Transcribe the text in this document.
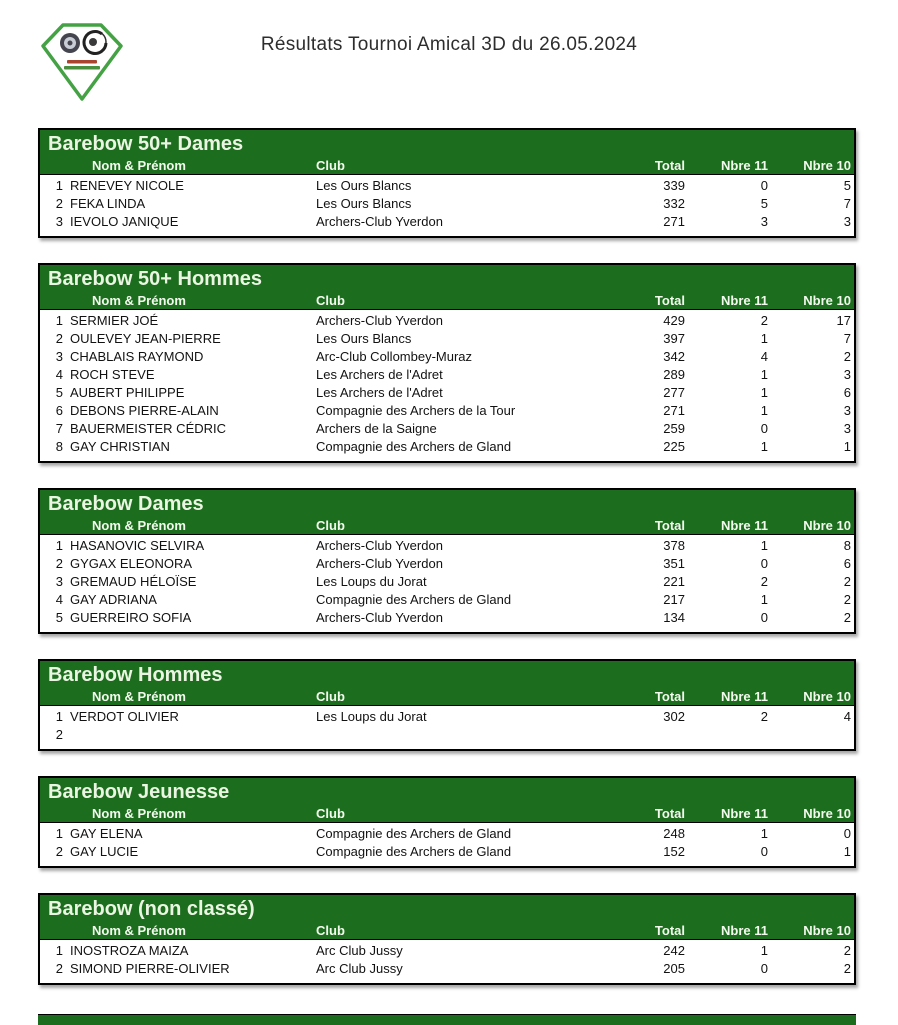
Résultats Tournoi Amical 3D du 26.05.2024
Barebow 50+ Dames
Nom & Prénom	Club	Total	Nbre 11	Nbre 10
1 RENEVEY NICOLE	Les Ours Blancs	339	0	5
2 FEKA LINDA	Les Ours Blancs	332	5	7
3 IEVOLO JANIQUE	Archers-Club Yverdon	271	3	3
Barebow 50+ Hommes
Nom & Prénom	Club	Total	Nbre 11	Nbre 10
1 SERMIER JOÉ	Archers-Club Yverdon	429	2	17
2 OULEVEY JEAN-PIERRE	Les Ours Blancs	397	1	7
3 CHABLAIS RAYMOND	Arc-Club Collombey-Muraz	342	4	2
4 ROCH STEVE	Les Archers de l'Adret	289	1	3
5 AUBERT PHILIPPE	Les Archers de l'Adret	277	1	6
6 DEBONS PIERRE-ALAIN	Compagnie des Archers de la Tour	271	1	3
7 BAUERMEISTER CÉDRIC	Archers de la Saigne	259	0	3
8 GAY CHRISTIAN	Compagnie des Archers de Gland	225	1	1
Barebow Dames
Nom & Prénom	Club	Total	Nbre 11	Nbre 10
1 HASANOVIC SELVIRA	Archers-Club Yverdon	378	1	8
2 GYGAX ELEONORA	Archers-Club Yverdon	351	0	6
3 GREMAUD HÉLOÏSE	Les Loups du Jorat	221	2	2
4 GAY ADRIANA	Compagnie des Archers de Gland	217	1	2
5 GUERREIRO SOFIA	Archers-Club Yverdon	134	0	2
Barebow Hommes
Nom & Prénom	Club	Total	Nbre 11	Nbre 10
1 VERDOT OLIVIER	Les Loups du Jorat	302	2	4
2
Barebow Jeunesse
Nom & Prénom	Club	Total	Nbre 11	Nbre 10
1 GAY ELENA	Compagnie des Archers de Gland	248	1	0
2 GAY LUCIE	Compagnie des Archers de Gland	152	0	1
Barebow (non classé)
Nom & Prénom	Club	Total	Nbre 11	Nbre 10
1 INOSTROZA MAIZA	Arc Club Jussy	242	1	2
2 SIMOND PIERRE-OLIVIER	Arc Club Jussy	205	0	2
